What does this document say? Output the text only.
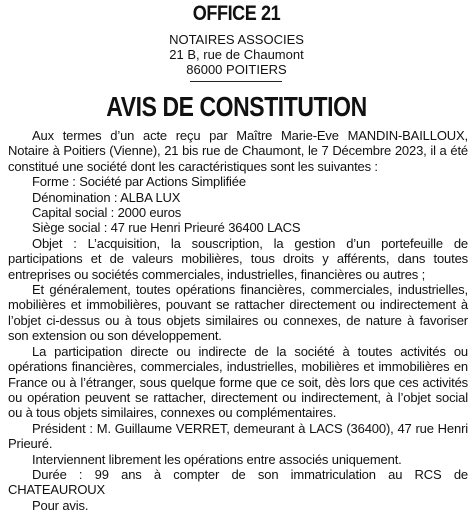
OFFICE 21
NOTAIRES ASSOCIES
21 B, rue de Chaumont
86000 POITIERS
AVIS DE CONSTITUTION

Aux termes d’un acte reçu par Maître Marie-Eve MANDIN-BAILLOUX, Notaire à Poitiers (Vienne), 21 bis rue de Chaumont, le 7 Décembre 2023, il a été constitué une société dont les caractéristiques sont les suivantes :

Forme : Société par Actions Simplifiée

Dénomination : ALBA LUX

Capital social : 2000 euros

Siège social : 47 rue Henri Prieuré 36400 LACS

Objet : L’acquisition, la souscription, la gestion d’un portefeuille de participations et de valeurs mobilières, tous droits y afférents, dans toutes entreprises ou sociétés commerciales, industrielles, financières ou autres ;

Et généralement, toutes opérations financières, commerciales, industrielles, mobilières et immobilières, pouvant se rattacher directement ou indirectement à l’objet ci-dessus ou à tous objets similaires ou connexes, de nature à favoriser son extension ou son développement.

La participation directe ou indirecte de la société à toutes activités ou opérations financières, commerciales, industrielles, mobilières et immobilières en France ou à l’étranger, sous quelque forme que ce soit, dès lors que ces activités ou opération peuvent se rattacher, directement ou indirectement, à l’objet social ou à tous objets similaires, connexes ou complémentaires.

Président : M. Guillaume VERRET, demeurant à LACS (36400), 47 rue Henri Prieuré.

Interviennent librement les opérations entre associés uniquement.

Durée : 99 ans à compter de son immatriculation au RCS de CHATEAUROUX

Pour avis.
